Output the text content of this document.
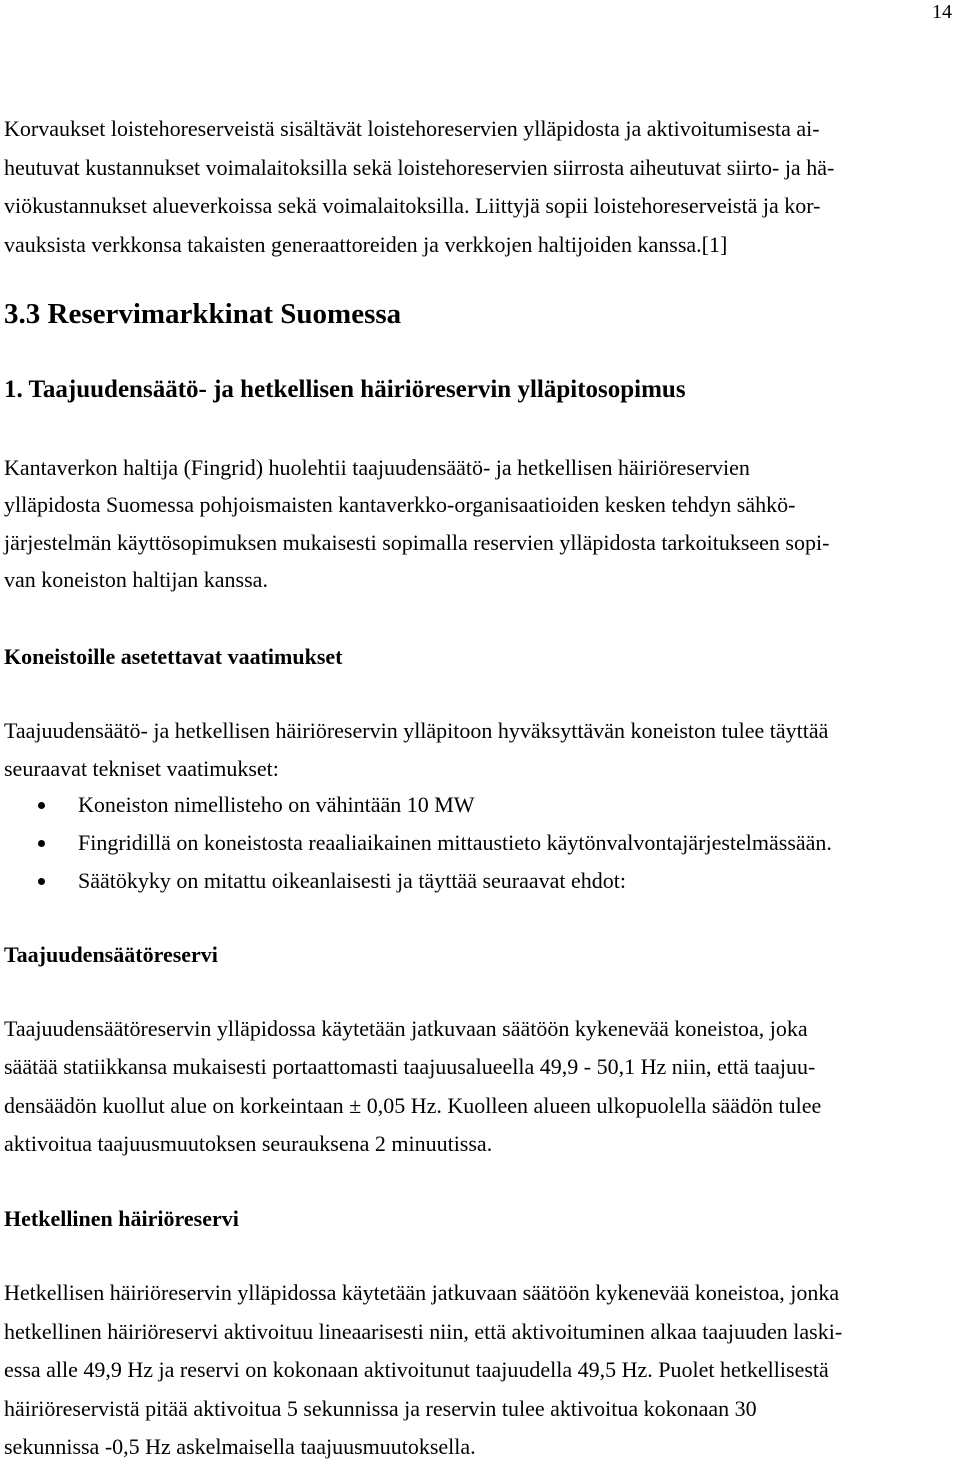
14
Korvaukset loistehoreserveistä sisältävät loistehoreservien ylläpidosta ja aktivoitumisesta ai-
heutuvat kustannukset voimalaitoksilla sekä loistehoreservien siirrosta aiheutuvat siirto- ja hä-
viökustannukset alueverkoissa sekä voimalaitoksilla. Liittyjä sopii loistehoreserveistä ja kor-
vauksista verkkonsa takaisten generaattoreiden ja verkkojen haltijoiden kanssa.[1]
3.3 Reservimarkkinat Suomessa
1. Taajuudensäätö- ja hetkellisen häiriöreservin ylläpitosopimus
Kantaverkon haltija (Fingrid) huolehtii taajuudensäätö- ja hetkellisen häiriöreservien
ylläpidosta Suomessa pohjoismaisten kantaverkko-organisaatioiden kesken tehdyn sähkö-
järjestelmän käyttösopimuksen mukaisesti sopimalla reservien ylläpidosta tarkoitukseen sopi-
van koneiston haltijan kanssa.
Koneistoille asetettavat vaatimukset
Taajuudensäätö- ja hetkellisen häiriöreservin ylläpitoon hyväksyttävän koneiston tulee täyttää
seuraavat tekniset vaatimukset:
Koneiston nimellisteho on vähintään 10 MW
Fingridillä on koneistosta reaaliaikainen mittaustieto käytönvalvontajärjestelmässään.
Säätökyky on mitattu oikeanlaisesti ja täyttää seuraavat ehdot:
Taajuudensäätöreservi
Taajuudensäätöreservin ylläpidossa käytetään jatkuvaan säätöön kykenevää koneistoa, joka
säätää statiikkansa mukaisesti portaattomasti taajuusalueella 49,9 - 50,1 Hz niin, että taajuu-
densäädön kuollut alue on korkeintaan ± 0,05 Hz. Kuolleen alueen ulkopuolella säädön tulee
aktivoitua taajuusmuutoksen seurauksena 2 minuutissa.
Hetkellinen häiriöreservi
Hetkellisen häiriöreservin ylläpidossa käytetään jatkuvaan säätöön kykenevää koneistoa, jonka
hetkellinen häiriöreservi aktivoituu lineaarisesti niin, että aktivoituminen alkaa taajuuden laski-
essa alle 49,9 Hz ja reservi on kokonaan aktivoitunut taajuudella 49,5 Hz. Puolet hetkellisestä
häiriöreservistä pitää aktivoitua 5 sekunnissa ja reservin tulee aktivoitua kokonaan 30
sekunnissa -0,5 Hz askelmaisella taajuusmuutoksella.
